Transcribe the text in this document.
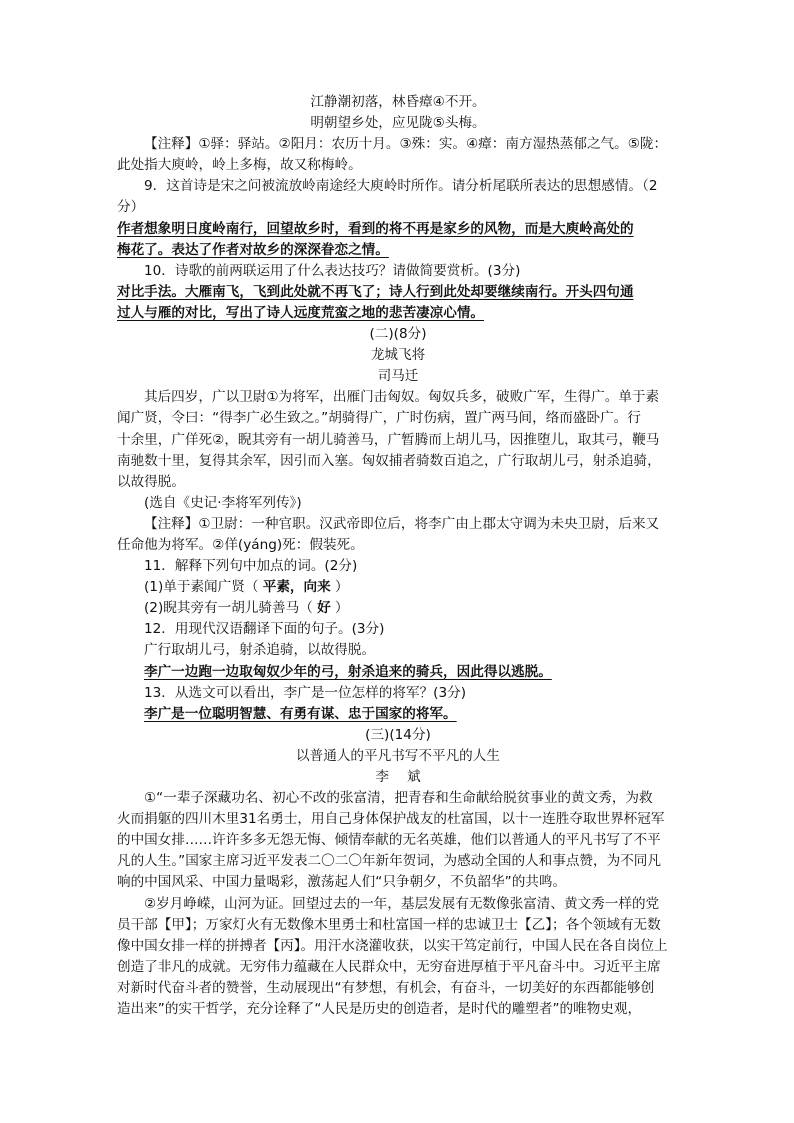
江静潮初落，林昏瘴④不开。
明朝望乡处，应见陇⑤头梅。
【注释】①驿：驿站。②阳月：农历十月。③殊：实。④瘴：南方湿热蒸郁之气。⑤陇：
此处指大庾岭，岭上多梅，故又称梅岭。
9．这首诗是宋之问被流放岭南途经大庾岭时所作。请分析尾联所表达的思想感情。（2
分）
作者想象明日度岭南行，回望故乡时，看到的将不再是家乡的风物，而是大庾岭高处的
梅花了。表达了作者对故乡的深深眷恋之情。
10．诗歌的前两联运用了什么表达技巧？请做简要赏析。(3分)
对比手法。大雁南飞，飞到此处就不再飞了；诗人行到此处却要继续南行。开头四句通
过人与雁的对比，写出了诗人远度荒蛮之地的悲苦凄凉心情。
(二)(8分)
龙城飞将
司马迁
其后四岁，广以卫尉①为将军，出雁门击匈奴。匈奴兵多，破败广军，生得广。单于素
闻广贤，令曰：“得李广必生致之。”胡骑得广，广时伤病，置广两马间，络而盛卧广。行
十余里，广佯死②，睨其旁有一胡儿骑善马，广暂腾而上胡儿马，因推堕儿，取其弓，鞭马
南驰数十里，复得其余军，因引而入塞。匈奴捕者骑数百追之，广行取胡儿弓，射杀追骑，
以故得脱。
(选自《史记·李将军列传》)
【注释】①卫尉：一种官职。汉武帝即位后，将李广由上郡太守调为未央卫尉，后来又
任命他为将军。②佯(yáng)死：假装死。
11．解释下列句中加点的词。(2分)
(1)单于素闻广贤（ 平素，向来 ）
(2)睨其旁有一胡儿骑善马（ 好 ）
12．用现代汉语翻译下面的句子。(3分)
广行取胡儿弓，射杀追骑，以故得脱。
李广一边跑一边取匈奴少年的弓，射杀追来的骑兵，因此得以逃脱。
13．从选文可以看出，李广是一位怎样的将军？(3分)
李广是一位聪明智慧、有勇有谋、忠于国家的将军。
(三)(14分)
以普通人的平凡书写不平凡的人生
李斌
①“一辈子深藏功名、初心不改的张富清，把青春和生命献给脱贫事业的黄文秀，为救
火而捐躯的四川木里31名勇士，用自己身体保护战友的杜富国，以十一连胜夺取世界杯冠军
的中国女排……许许多多无怨无悔、倾情奉献的无名英雄，他们以普通人的平凡书写了不平
凡的人生。”国家主席习近平发表二〇二〇年新年贺词，为感动全国的人和事点赞，为不同凡
响的中国风采、中国力量喝彩，激荡起人们“只争朝夕，不负韶华”的共鸣。
②岁月峥嵘，山河为证。回望过去的一年，基层发展有无数像张富清、黄文秀一样的党
员干部【甲】；万家灯火有无数像木里勇士和杜富国一样的忠诚卫士【乙】；各个领域有无数
像中国女排一样的拼搏者【丙】。用汗水浇灌收获，以实干笃定前行，中国人民在各自岗位上
创造了非凡的成就。无穷伟力蕴藏在人民群众中，无穷奋进厚植于平凡奋斗中。习近平主席
对新时代奋斗者的赞誉，生动展现出“有梦想，有机会，有奋斗，一切美好的东西都能够创
造出来”的实干哲学，充分诠释了“人民是历史的创造者，是时代的雕塑者”的唯物史观，
